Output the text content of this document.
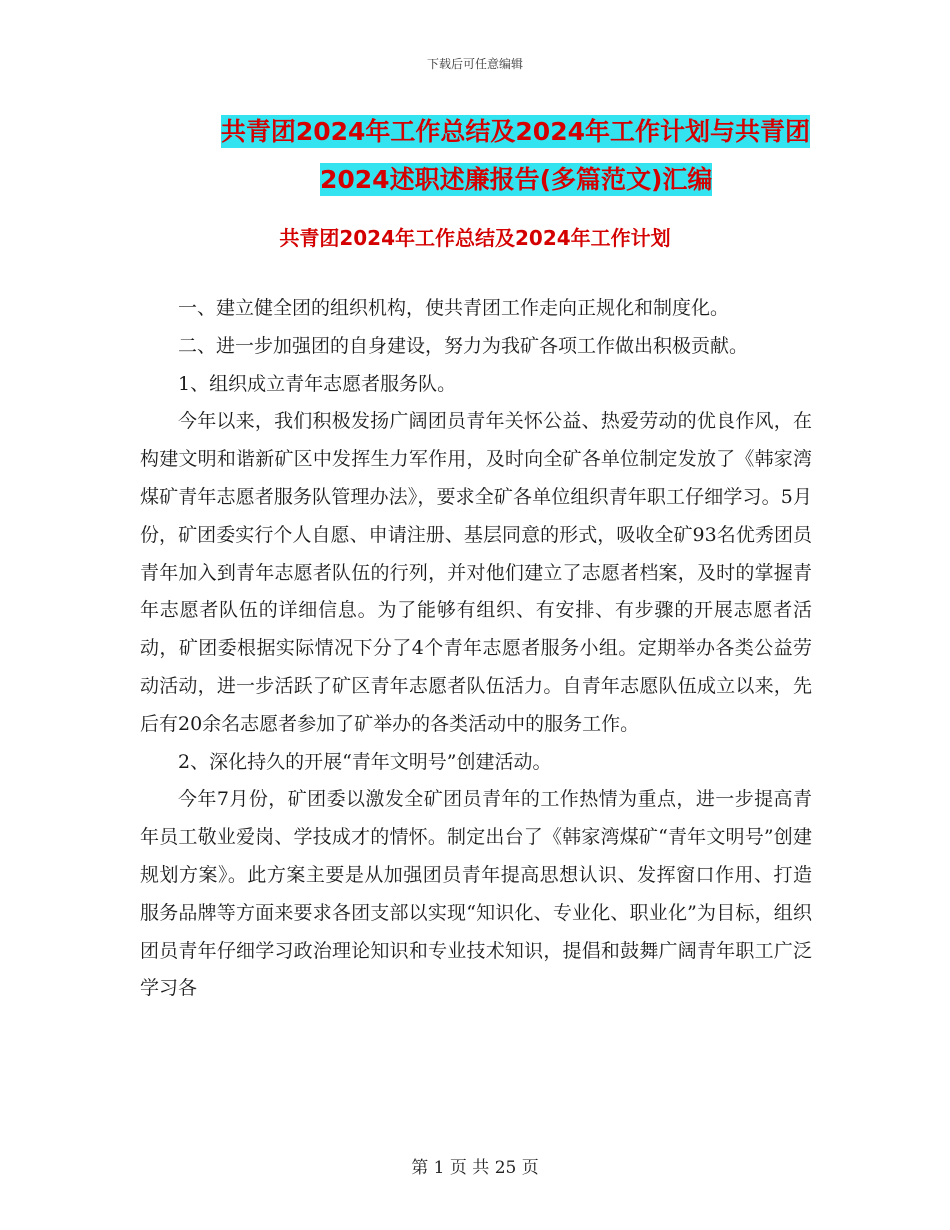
下载后可任意编辑
共青团2024年工作总结及2024年工作计划与共青团
2024述职述廉报告(多篇范文)汇编
共青团2024年工作总结及2024年工作计划

一、建立健全团的组织机构，使共青团工作走向正规化和制度化。

二、进一步加强团的自身建设，努力为我矿各项工作做出积极贡献。

1、组织成立青年志愿者服务队。

今年以来，我们积极发扬广阔团员青年关怀公益、热爱劳动的优良作风，在构建文明和谐新矿区中发挥生力军作用，及时向全矿各单位制定发放了《韩家湾煤矿青年志愿者服务队管理办法》，要求全矿各单位组织青年职工仔细学习。5月份，矿团委实行个人自愿、申请注册、基层同意的形式，吸收全矿93名优秀团员青年加入到青年志愿者队伍的行列，并对他们建立了志愿者档案，及时的掌握青年志愿者队伍的详细信息。为了能够有组织、有安排、有步骤的开展志愿者活动，矿团委根据实际情况下分了4个青年志愿者服务小组。定期举办各类公益劳动活动，进一步活跃了矿区青年志愿者队伍活力。自青年志愿队伍成立以来，先后有20余名志愿者参加了矿举办的各类活动中的服务工作。

2、深化持久的开展“青年文明号”创建活动。

今年7月份，矿团委以激发全矿团员青年的工作热情为重点，进一步提高青年员工敬业爱岗、学技成才的情怀。制定出台了《韩家湾煤矿“青年文明号”创建规划方案》。此方案主要是从加强团员青年提高思想认识、发挥窗口作用、打造服务品牌等方面来要求各团支部以实现“知识化、专业化、职业化”为目标，组织团员青年仔细学习政治理论知识和专业技术知识，提倡和鼓舞广阔青年职工广泛学习各

第 1 页 共 25 页
